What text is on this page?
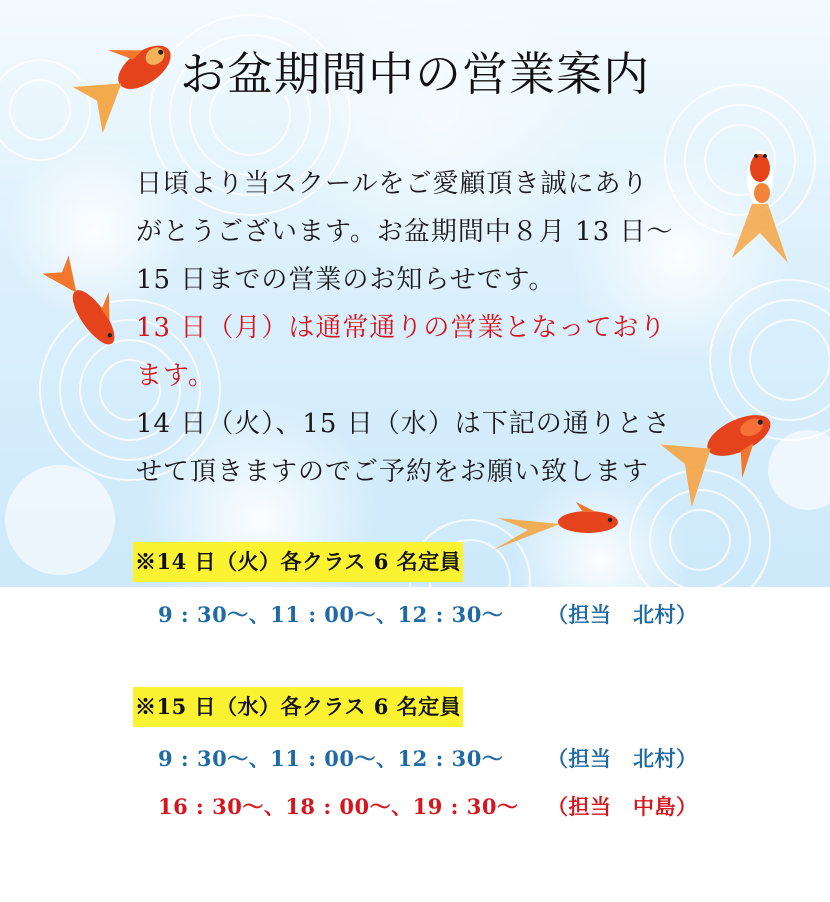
お盆期間中の営業案内

日頃より当スクールをご愛顧頂き誠にあり

がとうございます。お盆期間中８月 13 日～

15 日までの営業のお知らせです。

13 日（月）は通常通りの営業となっており

ます。

14 日（火）、15 日（水）は下記の通りとさ

せて頂きますのでご予約をお願い致します

※14 日（火）各クラス 6 名定員
9 : 30～、11 : 00～、12 : 30～ （担当　北村）
※15 日（水）各クラス 6 名定員
9 : 30～、11 : 00～、12 : 30～ （担当　北村）
16 : 30～、18 : 00～、19 : 30～ （担当　中島）
